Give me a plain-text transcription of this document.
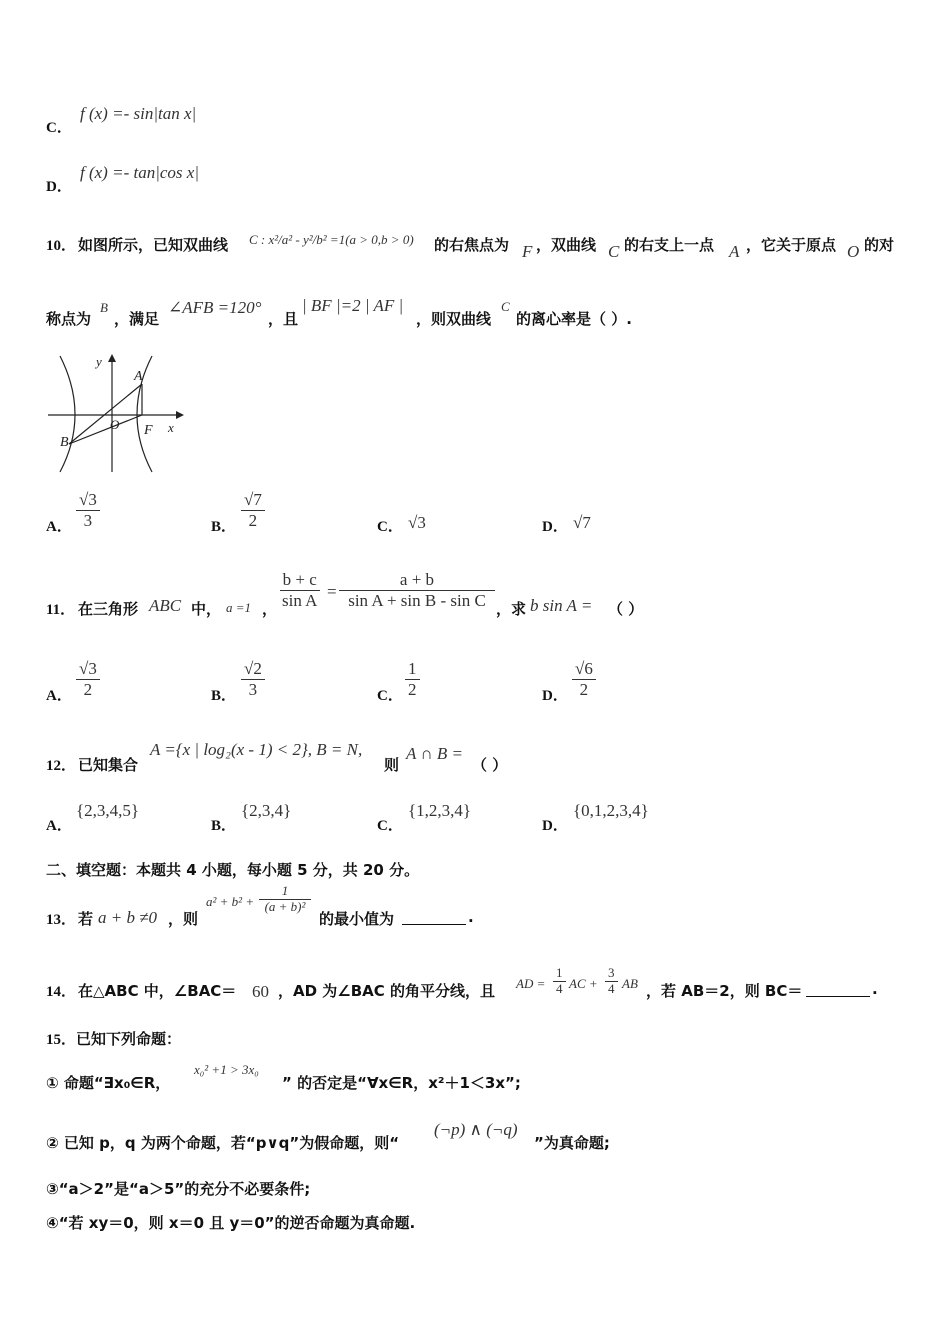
C．
f (x) =- sin|tan x|
D．
f (x) =- tan|cos x|
10． 如图所示，已知双曲线 C : x²/a² - y²/b² =1(a > 0,b > 0) 的右焦点为 F ，双曲线 C 的右支上一点 A ，它关于原点 O 的对
称点为
B
，满足
∠AFB =120°
，且
| BF |=2 | AF |
，则双曲线
C
的离心率是（ ）.
y
x
A
B
O F
A． $\frac{√3}{3}$	B． $\frac{√7}{2}$	C． √3	D． √7
11． 在三角形 ABC 中， a =1 ， $\frac{b + c}{\text{sin A}} = \frac{a + b}{\text{sin A + sin B - sin C}}$ ，求 b sin A = （ ）
A． $\frac{√3}{2}$	B． $\frac{√2}{3}$	C． $\frac{1}{2}$	D． $\frac{√6}{2}$
12． 已知集合
A ={x | log₂(x - 1) < 2}, B = N,
则
A ∩ B =
（ ）
A．
{2,3,4,5}
B．
{2,3,4}
C．
{1,2,3,4}
D．
{0,1,2,3,4}
二、填空题：本题共 4 小题，每小题 5 分，共 20 分。
13． 若 a + b ≠0 ，则
$a^2 + b^2 + \frac{1}{\text{(a + b)²}}$
的最小值为	.
14． 在△ABC 中，∠BAC＝ 60 ，AD 为∠BAC 的角平分线，且 AD = $\frac{1}{4}$ AC + $\frac{3}{4}$ AB ，若 AB＝2，则 BC＝	.
15．已知下列命题：
① 命题“∃x₀∈R，
x₀² +1 > 3x₀
” 的否定是“∀x∈R，x²＋1＜3x”;
② 已知 p，q 为两个命题，若“p∨q”为假命题，则“
(¬p) ∧ (¬q)
”为真命题;
③“a＞2”是“a＞5”的充分不必要条件;
④“若 xy＝0，则 x＝0 且 y＝0”的逆否命题为真命题.
